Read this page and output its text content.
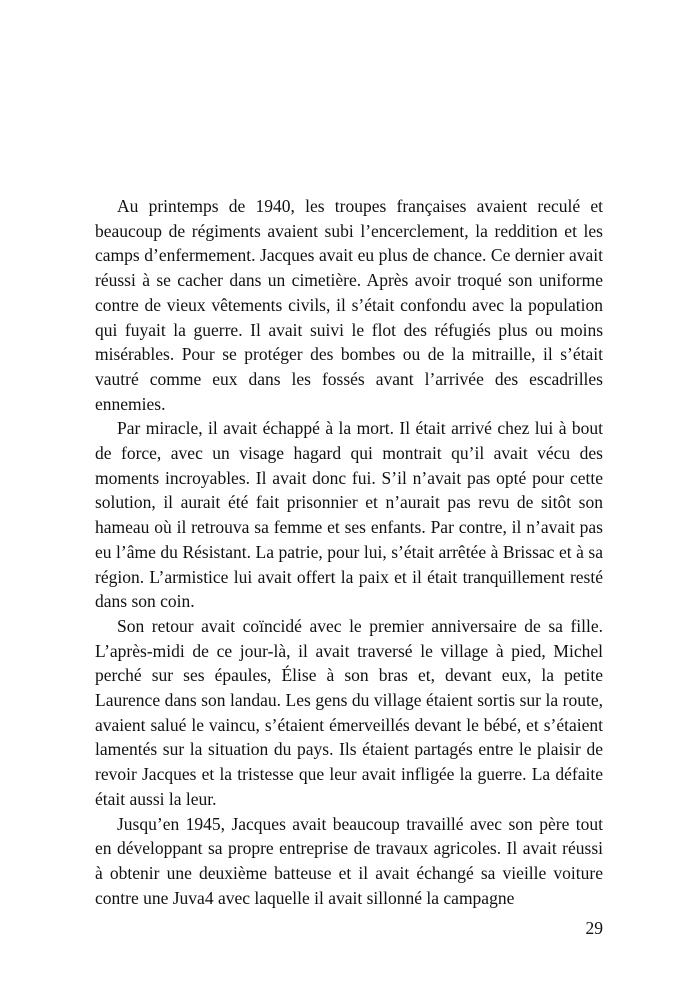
Au printemps de 1940, les troupes françaises avaient reculé et beaucoup de régiments avaient subi l’encerclement, la reddition et les camps d’enfermement. Jacques avait eu plus de chance. Ce dernier avait réussi à se cacher dans un cimetière. Après avoir troqué son uniforme contre de vieux vêtements civils, il s’était confondu avec la population qui fuyait la guerre. Il avait suivi le flot des réfugiés plus ou moins misérables. Pour se protéger des bombes ou de la mitraille, il s’était vautré comme eux dans les fossés avant l’arrivée des escadrilles ennemies.

Par miracle, il avait échappé à la mort. Il était arrivé chez lui à bout de force, avec un visage hagard qui montrait qu’il avait vécu des moments incroyables. Il avait donc fui. S’il n’avait pas opté pour cette solution, il aurait été fait prisonnier et n’aurait pas revu de sitôt son hameau où il retrouva sa femme et ses enfants. Par contre, il n’avait pas eu l’âme du Résistant. La patrie, pour lui, s’était arrêtée à Brissac et à sa région. L’armistice lui avait offert la paix et il était tranquillement resté dans son coin.

Son retour avait coïncidé avec le premier anniversaire de sa fille. L’après-midi de ce jour-là, il avait traversé le village à pied, Michel perché sur ses épaules, Élise à son bras et, devant eux, la petite Laurence dans son landau. Les gens du village étaient sortis sur la route, avaient salué le vaincu, s’étaient émerveillés devant le bébé, et s’étaient lamentés sur la situation du pays. Ils étaient partagés entre le plaisir de revoir Jacques et la tristesse que leur avait infligée la guerre. La défaite était aussi la leur.

Jusqu’en 1945, Jacques avait beaucoup travaillé avec son père tout en développant sa propre entreprise de travaux agricoles. Il avait réussi à obtenir une deuxième batteuse et il avait échangé sa vieille voiture contre une Juva4 avec laquelle il avait sillonné la campagne

29
